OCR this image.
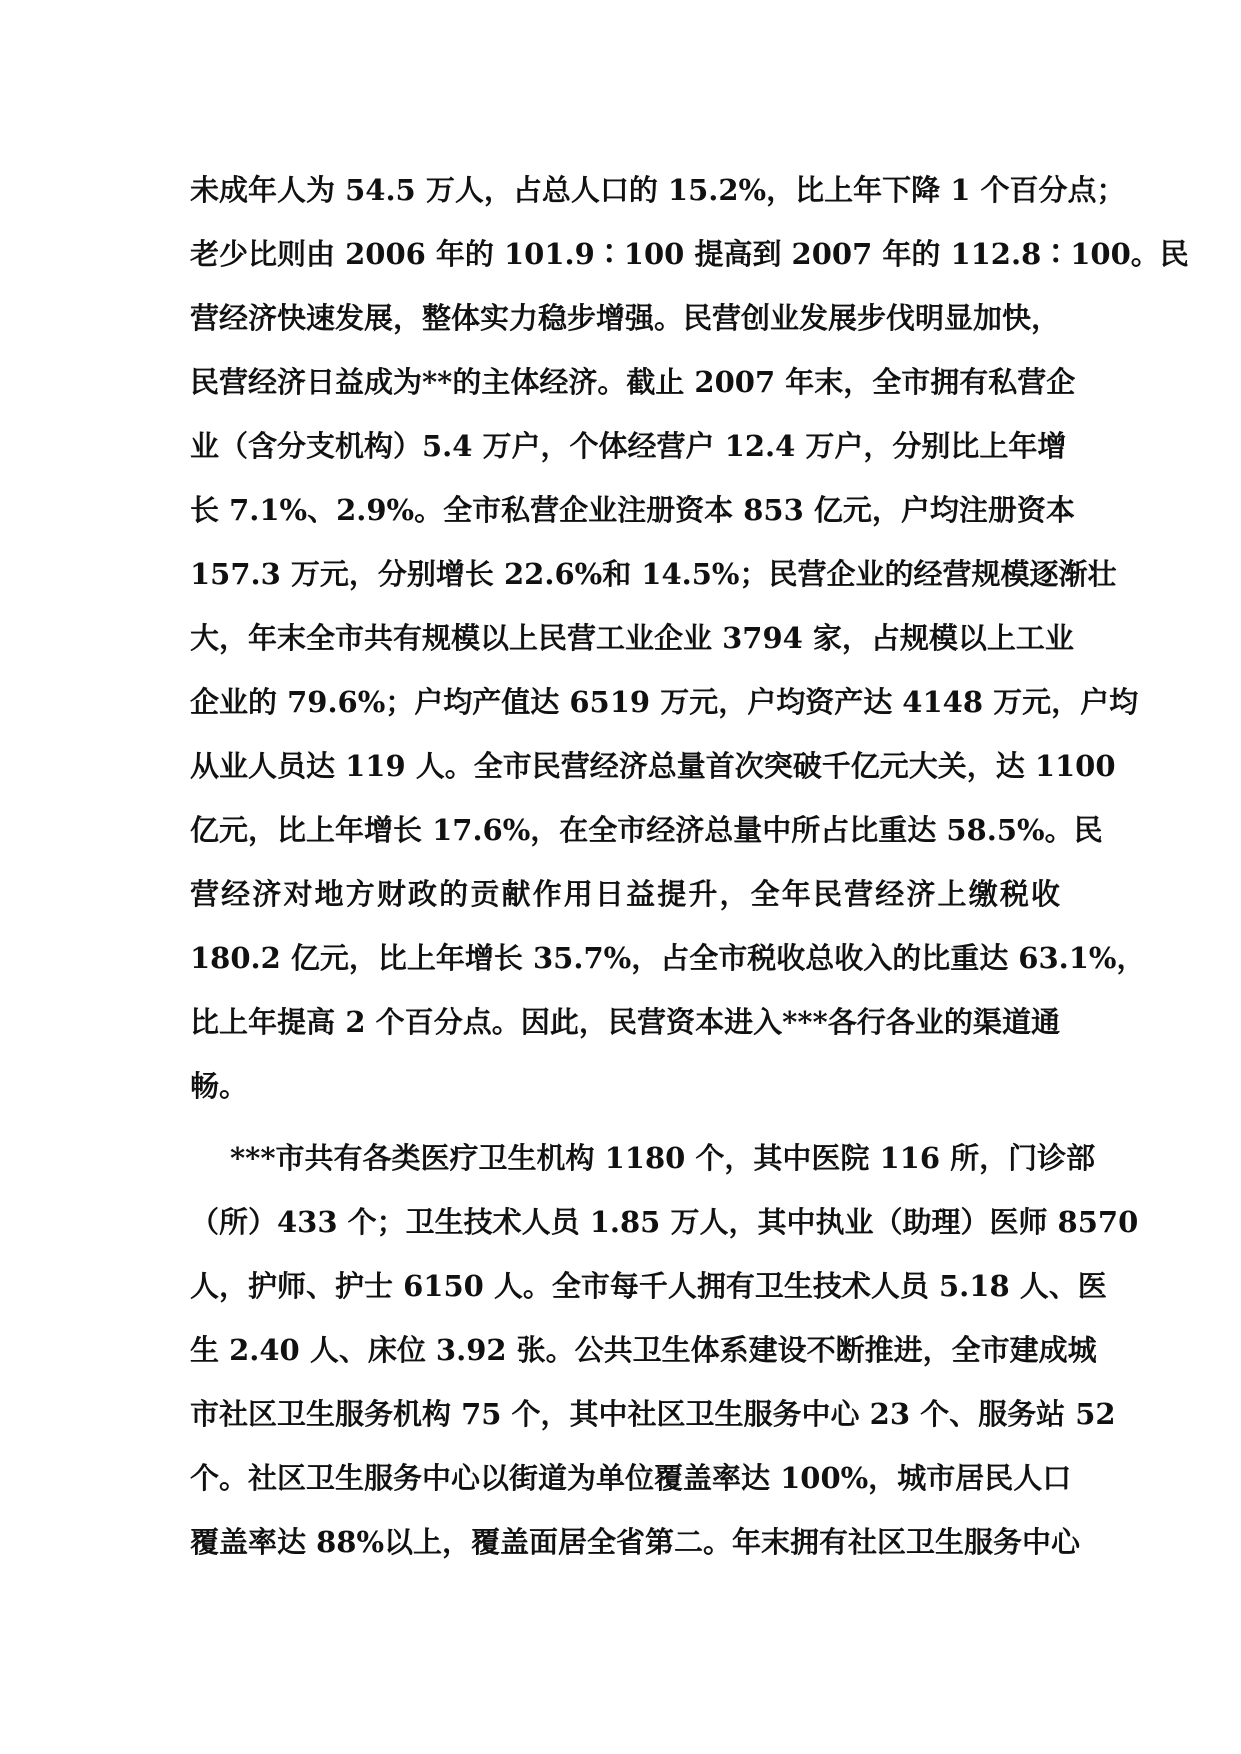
未成年人为 54.5 万人，占总人口的 15.2%，比上年下降 1 个百分点；
老少比则由 2006 年的 101.9∶100 提高到 2007 年的 112.8∶100。民
营经济快速发展，整体实力稳步增强。民营创业发展步伐明显加快，
民营经济日益成为**的主体经济。截止 2007 年末，全市拥有私营企
业（含分支机构）5.4 万户，个体经营户 12.4 万户，分别比上年增
长 7.1%、2.9%。全市私营企业注册资本 853 亿元，户均注册资本
157.3 万元，分别增长 22.6%和 14.5%；民营企业的经营规模逐渐壮
大，年末全市共有规模以上民营工业企业 3794 家，占规模以上工业
企业的 79.6%；户均产值达 6519 万元，户均资产达 4148 万元，户均
从业人员达 119 人。全市民营经济总量首次突破千亿元大关，达 1100
亿元，比上年增长 17.6%，在全市经济总量中所占比重达 58.5%。民
营经济对地方财政的贡献作用日益提升，全年民营经济上缴税收
180.2 亿元，比上年增长 35.7%，占全市税收总收入的比重达 63.1%，
比上年提高 2 个百分点。因此，民营资本进入***各行各业的渠道通
畅。
***市共有各类医疗卫生机构 1180 个，其中医院 116 所，门诊部
（所）433 个；卫生技术人员 1.85 万人，其中执业（助理）医师 8570
人，护师、护士 6150 人。全市每千人拥有卫生技术人员 5.18 人、医
生 2.40 人、床位 3.92 张。公共卫生体系建设不断推进，全市建成城
市社区卫生服务机构 75 个，其中社区卫生服务中心 23 个、服务站 52
个。社区卫生服务中心以街道为单位覆盖率达 100%，城市居民人口
覆盖率达 88%以上，覆盖面居全省第二。年末拥有社区卫生服务中心
